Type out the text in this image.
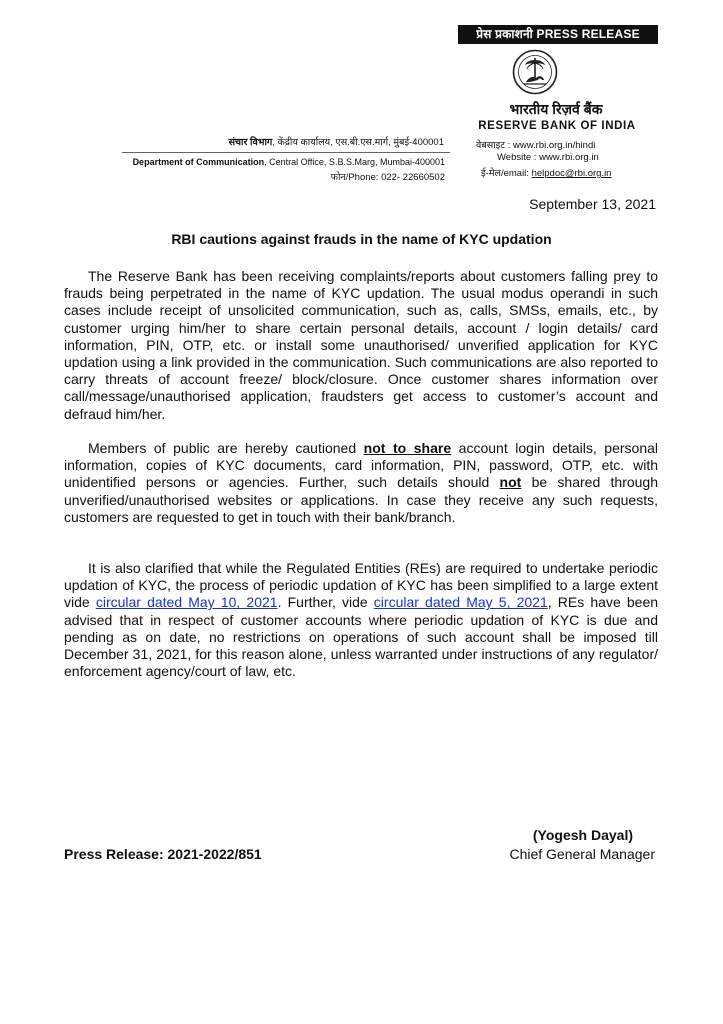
प्रेस प्रकाशनी PRESS RELEASE
भारतीय रिज़र्व बैंक
RESERVE BANK OF INDIA
वेबसाइट : www.rbi.org.in/hindi
Website : www.rbi.org.in
ई-मेल/email: helpdoc@rbi.org.in
संचार विभाग, केंद्रीय कार्यालय, एस.बी.एस.मार्ग, मुंबई-400001
Department of Communication, Central Office, S.B.S.Marg, Mumbai-400001
फोन/Phone: 022- 22660502
September 13, 2021
RBI cautions against frauds in the name of KYC updation

The Reserve Bank has been receiving complaints/reports about customers falling prey to frauds being perpetrated in the name of KYC updation. The usual modus operandi in such cases include receipt of unsolicited communication, such as, calls, SMSs, emails, etc., by customer urging him/her to share certain personal details, account / login details/ card information, PIN, OTP, etc. or install some unauthorised/ unverified application for KYC updation using a link provided in the communication. Such communications are also reported to carry threats of account freeze/ block/closure. Once customer shares information over call/message/unauthorised application, fraudsters get access to customer’s account and defraud him/her.

Members of public are hereby cautioned not to share account login details, personal information, copies of KYC documents, card information, PIN, password, OTP, etc. with unidentified persons or agencies. Further, such details should not be shared through unverified/unauthorised websites or applications. In case they receive any such requests, customers are requested to get in touch with their bank/branch.

It is also clarified that while the Regulated Entities (REs) are required to undertake periodic updation of KYC, the process of periodic updation of KYC has been simplified to a large extent vide circular dated May 10, 2021. Further, vide circular dated May 5, 2021, REs have been advised that in respect of customer accounts where periodic updation of KYC is due and pending as on date, no restrictions on operations of such account shall be imposed till December 31, 2021, for this reason alone, unless warranted under instructions of any regulator/ enforcement agency/court of law, etc.

(Yogesh Dayal)
Chief General Manager
Press Release: 2021-2022/851
